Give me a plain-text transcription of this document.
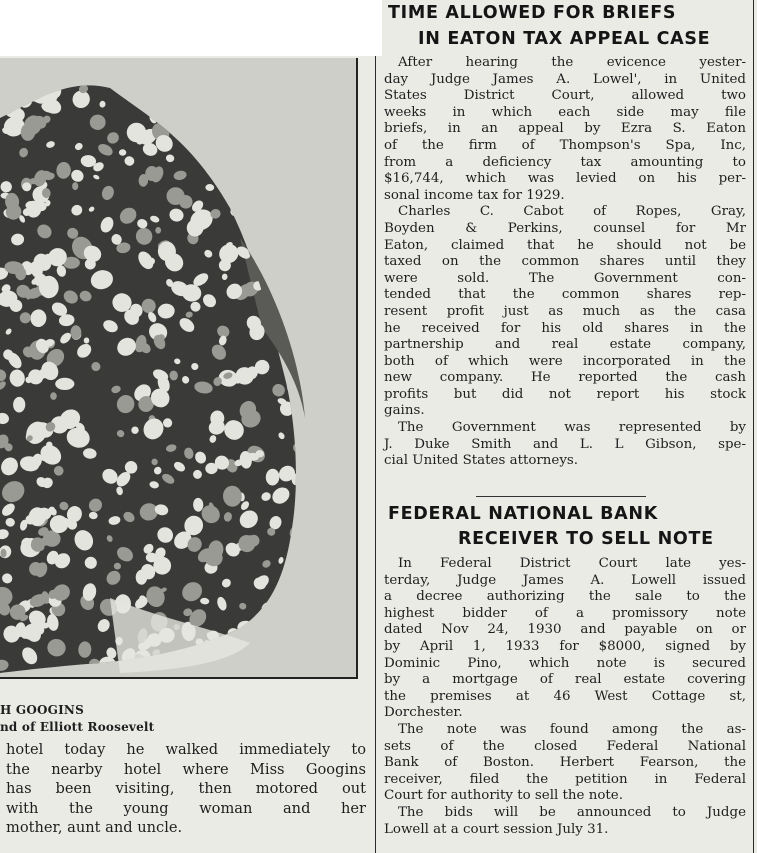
H GOOGINS
nd of Elliott Roosevelt
hotel today he walked immediately to
the nearby hotel where Miss Googins
has been visiting, then motored out
with the young woman and her
mother, aunt and uncle.
TIME ALLOWED FOR BRIEFS
IN EATON TAX APPEAL CASE
After hearing the evicence yester-
day Judge James A. Lowel', in United
States District Court, allowed two
weeks in which each side may file
briefs, in an appeal by Ezra S. Eaton
of the firm of Thompson's Spa, Inc,
from a deficiency tax amounting to
$16,744, which was levied on his per-
sonal income tax for 1929.
Charles C. Cabot of Ropes, Gray,
Boyden & Perkins, counsel for Mr
Eaton, claimed that he should not be
taxed on the common shares until they
were sold. The Government con-
tended that the common shares rep-
resent profit just as much as the casa
he received for his old shares in the
partnership and real estate company,
both of which were incorporated in the
new company. He reported the cash
profits but did not report his stock
gains.
The Government was represented by
J. Duke Smith and L. L Gibson, spe-
cial United States attorneys.
FEDERAL NATIONAL BANK
RECEIVER TO SELL NOTE
In Federal District Court late yes-
terday, Judge James A. Lowell issued
a decree authorizing the sale to the
highest bidder of a promissory note
dated Nov 24, 1930 and payable on or
by April 1, 1933 for $8000, signed by
Dominic Pino, which note is secured
by a mortgage of real estate covering
the premises at 46 West Cottage st,
Dorchester.
The note was found among the as-
sets of the closed Federal National
Bank of Boston. Herbert Fearson, the
receiver, filed the petition in Federal
Court for authority to sell the note.
The bids will be announced to Judge
Lowell at a court session July 31.
